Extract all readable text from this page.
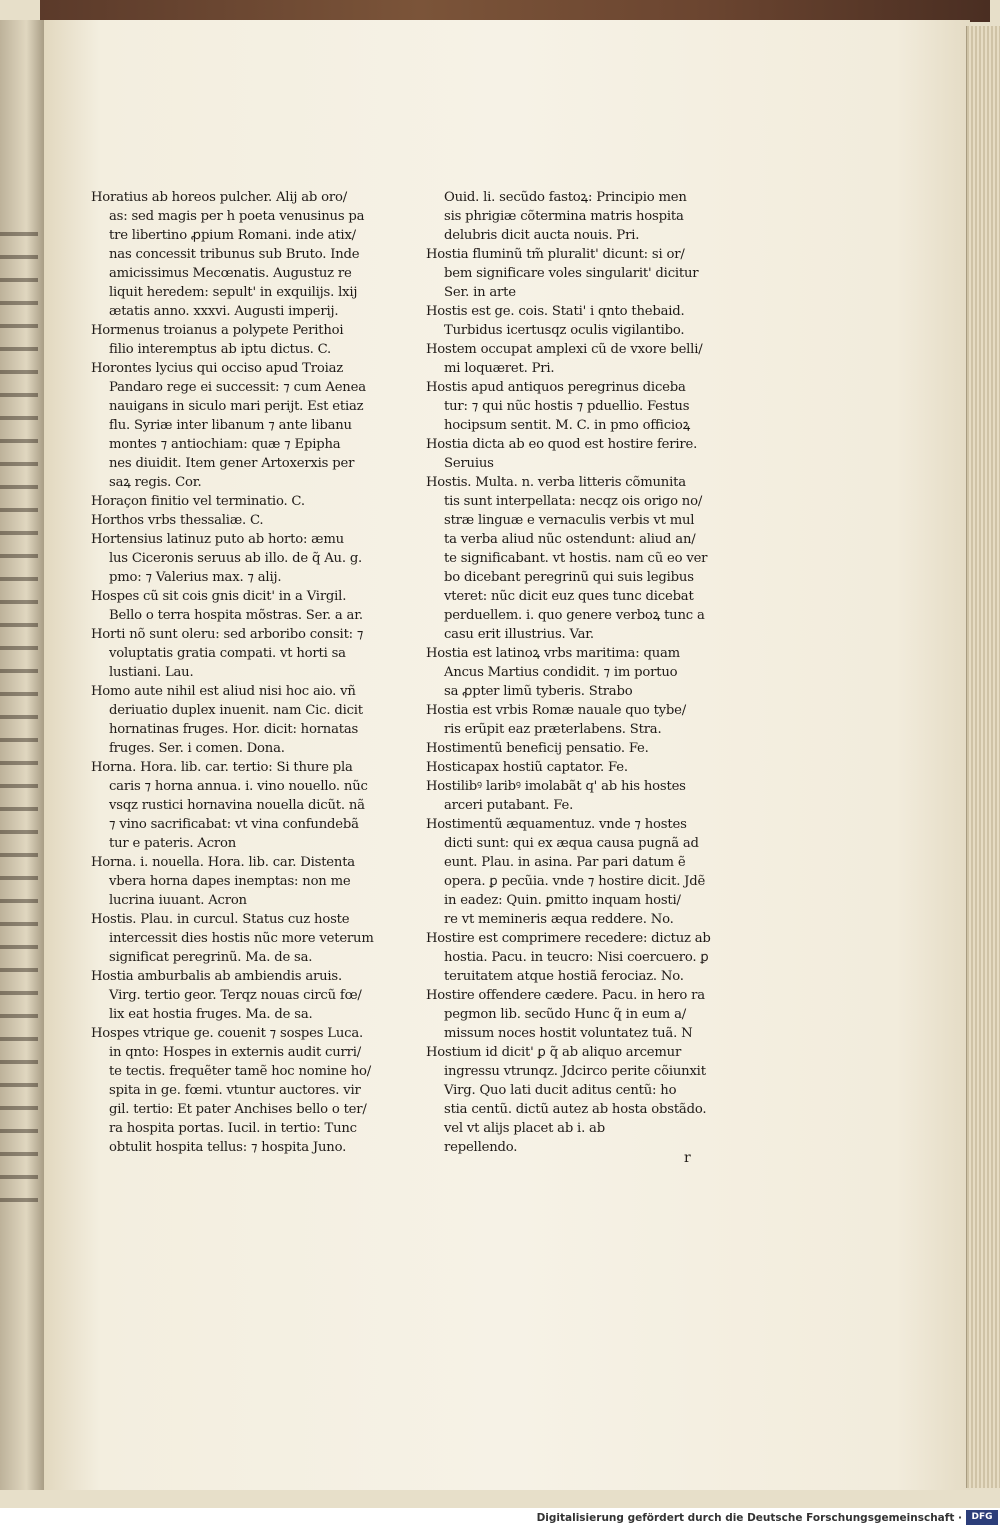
Horatius ab horeos pulcher. Alij ab oro/
as: sed magis per h poeta venusinus pa
tre libertino ꝓpium Romani. inde atix/
nas concessit tribunus sub Bruto. Inde
amicissimus Mecœnatis. Augustuz re
liquit heredem: sepult' in exquilijs. lxij
ætatis anno. xxxvi. Augusti imperij.
Hormenus troianus a polypete Perithoi
filio interemptus ab iptu dictus. C.
Horontes lycius qui occiso apud Troiaz
Pandaro rege ei successit: ⁊ cum Aenea
nauigans in siculo mari perijt. Est etiaz
flu. Syriæ inter libanum ⁊ ante libanu
montes ⁊ antiochiam: quæ ⁊ Epipha
nes diuidit. Item gener Artoxerxis per
saꝝ regis. Cor.
Horaçon finitio vel terminatio. C.
Horthos vrbs thessaliæ. C.
Hortensius latinuz puto ab horto: æmu
lus Ciceronis seruus ab illo. de q̃ Au. g.
pmo: ⁊ Valerius max. ⁊ alij.
Hospes cũ sit cois gnis dicit' in a Virgil.
Bello o terra hospita mõstras. Ser. a ar.
Horti nõ sunt oleru: sed arboribo consit: ⁊
voluptatis gratia compati. vt horti sa
lustiani. Lau.
Homo aute nihil est aliud nisi hoc aio. vñ
deriuatio duplex inuenit. nam Cic. dicit
hornatinas fruges. Hor. dicit: hornatas
fruges. Ser. i comen. Dona.
Horna. Hora. lib. car. tertio: Si thure pla
caris ⁊ horna annua. i. vino nouello. nũc
vsqz rustici hornavina nouella dicũt. nã
⁊ vino sacrificabat: vt vina confundebã
tur e pateris. Acron
Horna. i. nouella. Hora. lib. car. Distenta
vbera horna dapes inemptas: non me
lucrina iuuant. Acron
Hostis. Plau. in curcul. Status cuz hoste
intercessit dies hostis nũc more veterum
significat peregrinũ. Ma. de sa.
Hostia amburbalis ab ambiendis aruis.
Virg. tertio geor. Terqz nouas circũ fœ/
lix eat hostia fruges. Ma. de sa.
Hospes vtrique ge. couenit ⁊ sospes Luca.
in qnto: Hospes in externis audit curri/
te tectis. frequẽter tamẽ hoc nomine ho/
spita in ge. fœmi. vtuntur auctores. vir
gil. tertio: Et pater Anchises bello o ter/
ra hospita portas. Iucil. in tertio: Tunc
obtulit hospita tellus: ⁊ hospita Juno.
Ouid. li. secũdo fastoꝝ: Principio men
sis phrigiæ cõtermina matris hospita
delubris dicit aucta nouis. Pri.
Hostia fluminũ tm̃ pluralit' dicunt: si or/
bem significare voles singularit' dicitur
Ser. in arte
Hostis est ge. cois. Stati' i qnto thebaid.
Turbidus icertusqz oculis vigilantibo.
Hostem occupat amplexi cũ de vxore belli/
mi loquæret. Pri.
Hostis apud antiquos peregrinus diceba
tur: ⁊ qui nũc hostis ⁊ pduellio. Festus
hocipsum sentit. M. C. in pmo officioꝝ
Hostia dicta ab eo quod est hostire ferire.
Seruius
Hostis. Multa. n. verba litteris cõmunita
tis sunt interpellata: necqz ois origo no/
stræ linguæ e vernaculis verbis vt mul
ta verba aliud nũc ostendunt: aliud an/
te significabant. vt hostis. nam cũ eo ver
bo dicebant peregrinũ qui suis legibus
vteret: nũc dicit euz ques tunc dicebat
perduellem. i. quo genere verboꝝ tunc a
casu erit illustrius. Var.
Hostia est latinoꝝ vrbs maritima: quam
Ancus Martius condidit. ⁊ im portuo
sa ꝓpter limũ tyberis. Strabo
Hostia est vrbis Romæ nauale quo tybe/
ris erũpit eaz præterlabens. Stra.
Hostimentũ beneficij pensatio. Fe.
Hosticapax hostiũ captator. Fe.
Hostilibꝰ laribꝰ imolabãt q' ab his hostes
arceri putabant. Fe.
Hostimentũ æquamentuz. vnde ⁊ hostes
dicti sunt: qui ex æqua causa pugnã ad
eunt. Plau. in asina. Par pari datum ẽ
opera. ꝑ pecũia. vnde ⁊ hostire dicit. Jdẽ
in eadez: Quin. ꝑmitto inquam hosti/
re vt memineris æqua reddere. No.
Hostire est comprimere recedere: dictuz ab
hostia. Pacu. in teucro: Nisi coercuero. ꝑ
teruitatem atque hostiã ferociaz. No.
Hostire offendere cædere. Pacu. in hero ra
pegmon lib. secũdo Hunc q̃ in eum a/
missum noces hostit voluntatez tuã. N
Hostium id dicit' ꝑ q̃ ab aliquo arcemur
ingressu vtrunqz. Jdcirco perite cõiunxit
Virg. Quo lati ducit aditus centũ: ho
stia centũ. dictũ autez ab hosta obstãdo.
vel vt alijs placet ab i. ab
repellendo.
r
Digitalisierung gefördert durch die Deutsche Forschungsgemeinschaft ·	DFG
